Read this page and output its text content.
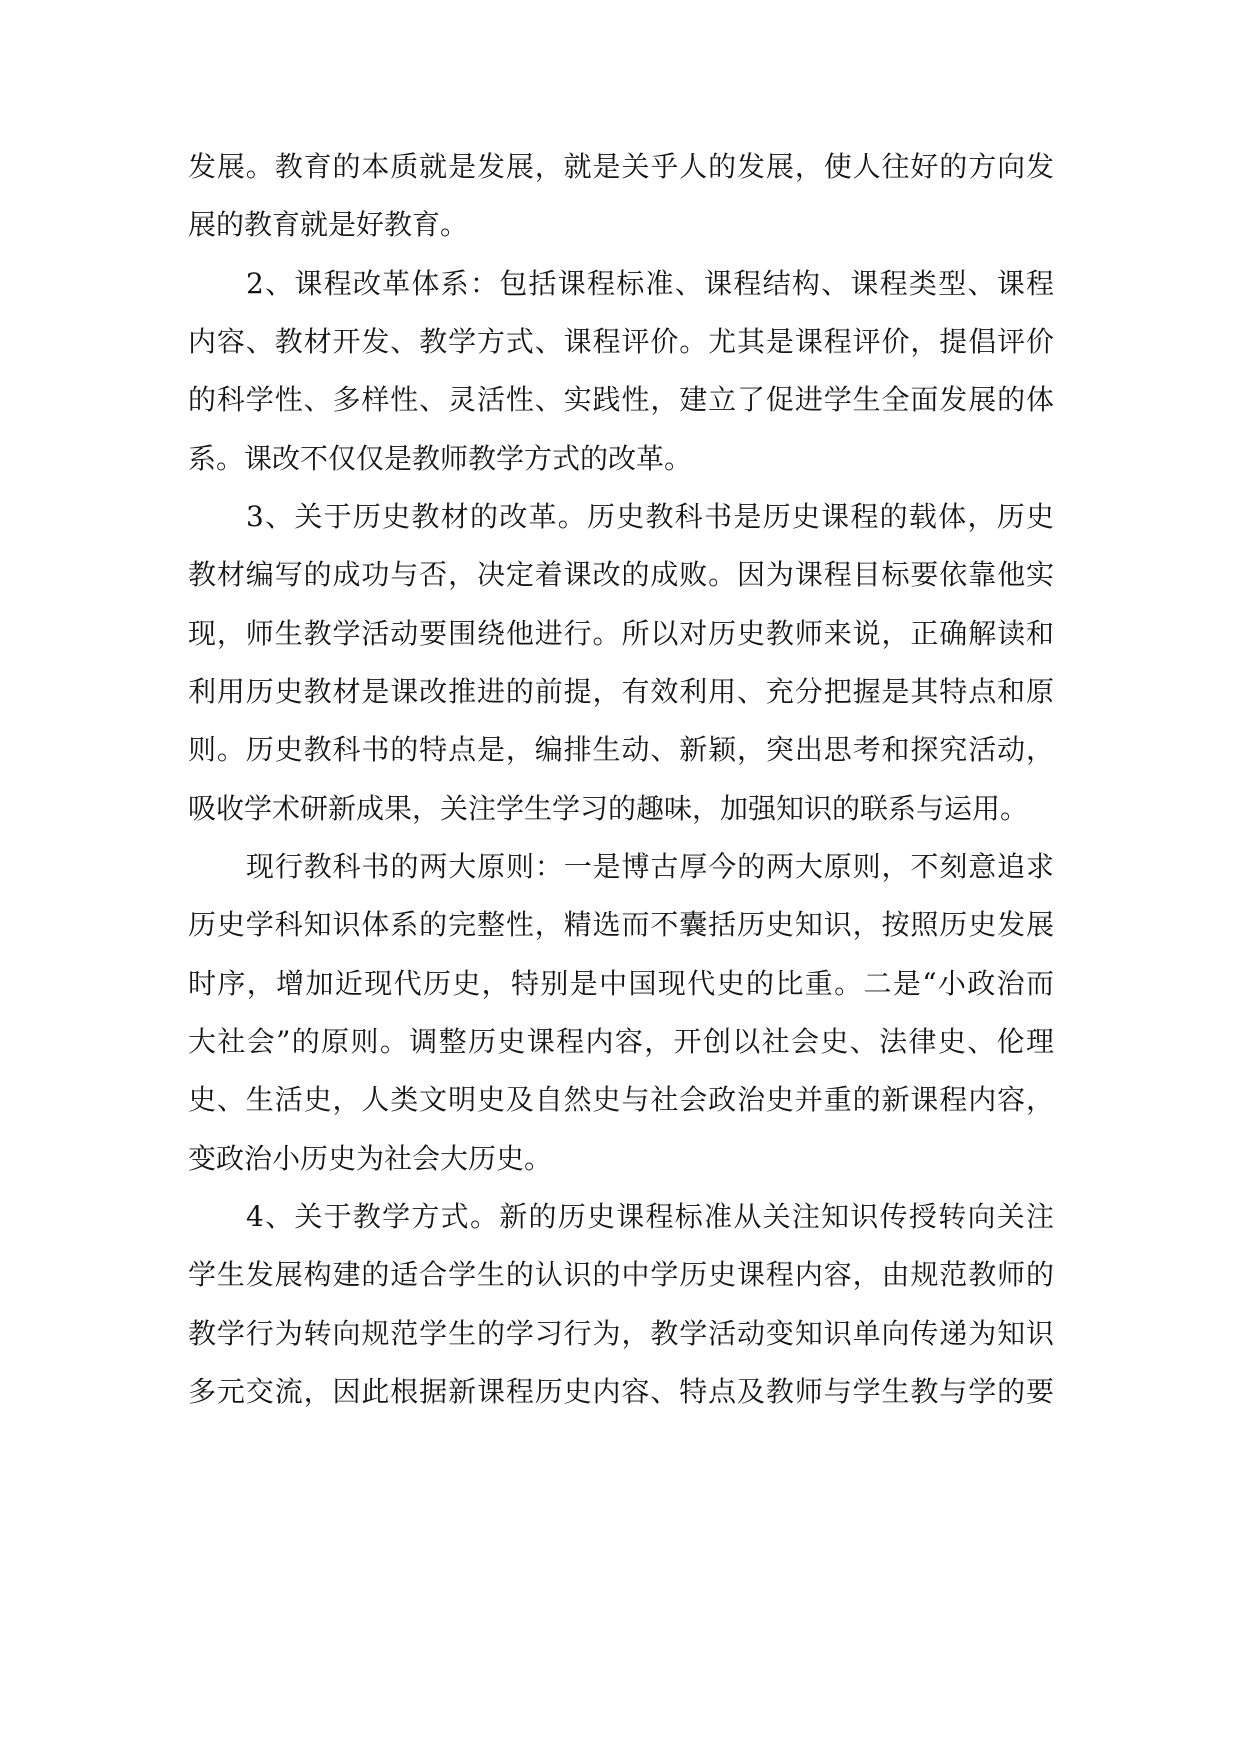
发展。教育的本质就是发展，就是关乎人的发展，使人往好的方向发

展的教育就是好教育。

2、课程改革体系：包括课程标准、课程结构、课程类型、课程

内容、教材开发、教学方式、课程评价。尤其是课程评价，提倡评价

的科学性、多样性、灵活性、实践性，建立了促进学生全面发展的体

系。课改不仅仅是教师教学方式的改革。

3、关于历史教材的改革。历史教科书是历史课程的载体，历史

教材编写的成功与否，决定着课改的成败。因为课程目标要依靠他实

现，师生教学活动要围绕他进行。所以对历史教师来说，正确解读和

利用历史教材是课改推进的前提，有效利用、充分把握是其特点和原

则。历史教科书的特点是，编排生动、新颖，突出思考和探究活动，

吸收学术研新成果，关注学生学习的趣味，加强知识的联系与运用。

现行教科书的两大原则：一是博古厚今的两大原则，不刻意追求

历史学科知识体系的完整性，精选而不囊括历史知识，按照历史发展

时序，增加近现代历史，特别是中国现代史的比重。二是“小政治而

大社会”的原则。调整历史课程内容，开创以社会史、法律史、伦理

史、生活史，人类文明史及自然史与社会政治史并重的新课程内容，

变政治小历史为社会大历史。

4、关于教学方式。新的历史课程标准从关注知识传授转向关注

学生发展构建的适合学生的认识的中学历史课程内容，由规范教师的

教学行为转向规范学生的学习行为，教学活动变知识单向传递为知识

多元交流，因此根据新课程历史内容、特点及教师与学生教与学的要
